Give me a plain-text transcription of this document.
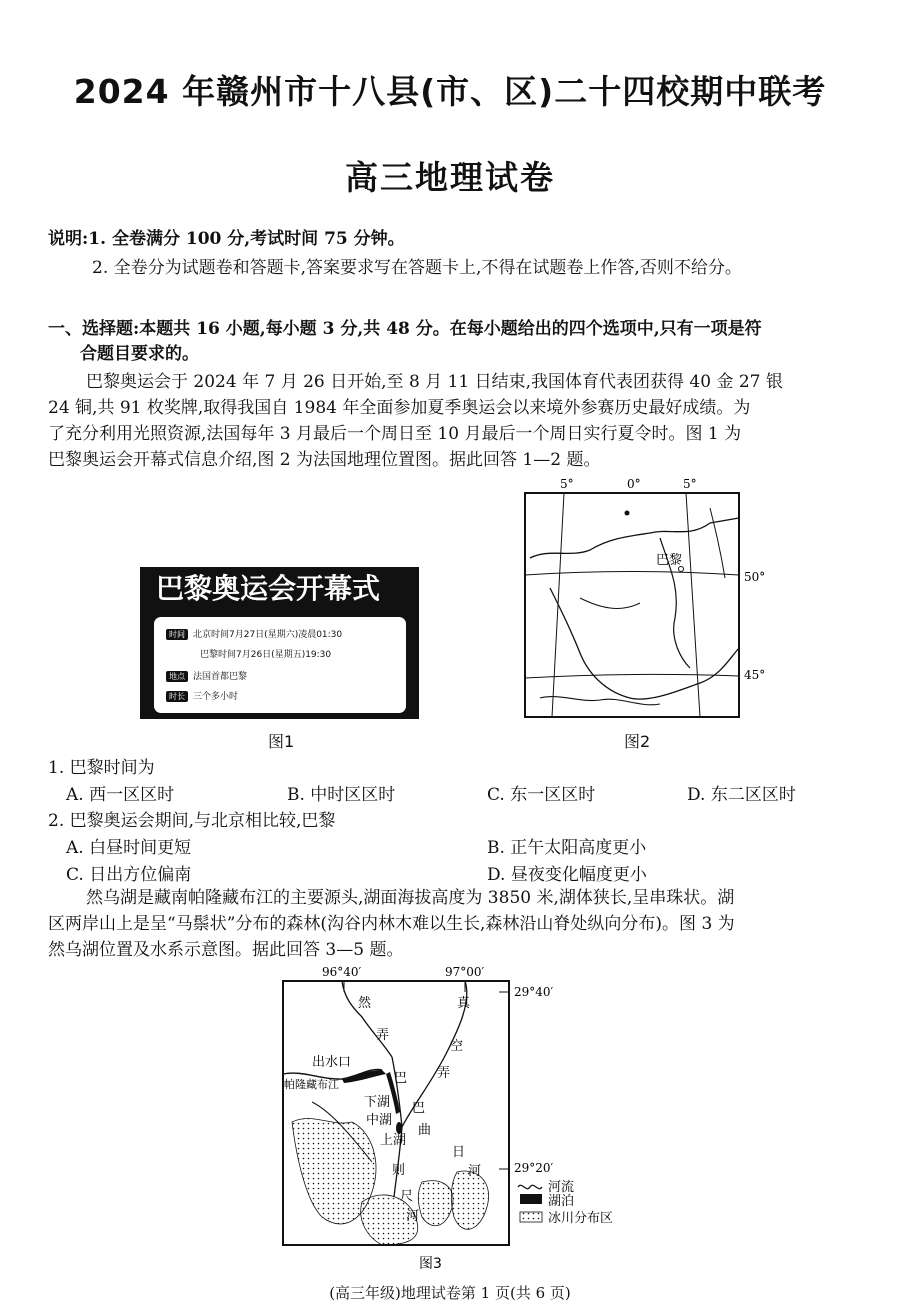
2024 年赣州市十八县(市、区)二十四校期中联考
高三地理试卷
说明:1. 全卷满分 100 分,考试时间 75 分钟。
2. 全卷分为试题卷和答题卡,答案要求写在答题卡上,不得在试题卷上作答,否则不给分。
一、选择题:本题共 16 小题,每小题 3 分,共 48 分。在每小题给出的四个选项中,只有一项是符
合题目要求的。
巴黎奥运会于 2024 年 7 月 26 日开始,至 8 月 11 日结束,我国体育代表团获得 40 金 27 银
24 铜,共 91 枚奖牌,取得我国自 1984 年全面参加夏季奥运会以来境外参赛历史最好成绩。为
了充分利用光照资源,法国每年 3 月最后一个周日至 10 月最后一个周日实行夏令时。图 1 为
巴黎奥运会开幕式信息介绍,图 2 为法国地理位置图。据此回答 1—2 题。
巴黎奥运会开幕式
时间 北京时间7月27日(星期六)凌晨01:30
巴黎时间7月26日(星期五)19:30
地点 法国首都巴黎
时长 三个多小时
图1
5°	0°	5°
50°
45°
巴黎
图2
1. 巴黎时间为
A. 西一区区时	B. 中时区区时	C. 东一区区时	D. 东二区区时
2. 巴黎奥运会期间,与北京相比较,巴黎
A. 白昼时间更短	B. 正午太阳高度更小
C. 日出方位偏南	D. 昼夜变化幅度更小
然乌湖是藏南帕隆藏布江的主要源头,湖面海拔高度为 3850 米,湖体狭长,呈串珠状。湖
区两岸山上是呈“马鬃状”分布的森林(沟谷内林木难以生长,森林沿山脊处纵向分布)。图 3 为
然乌湖位置及水系示意图。据此回答 3—5 题。
96°40′	97°00′
29°40′
29°20′
出水口
帕隆藏布江
下湖
中湖
上湖
然
弄
巴
真
空
弄
巴
曲
日
河
则
尺
河
河流
湖泊
冰川分布区
图3
(高三年级)地理试卷第 1 页(共 6 页)
